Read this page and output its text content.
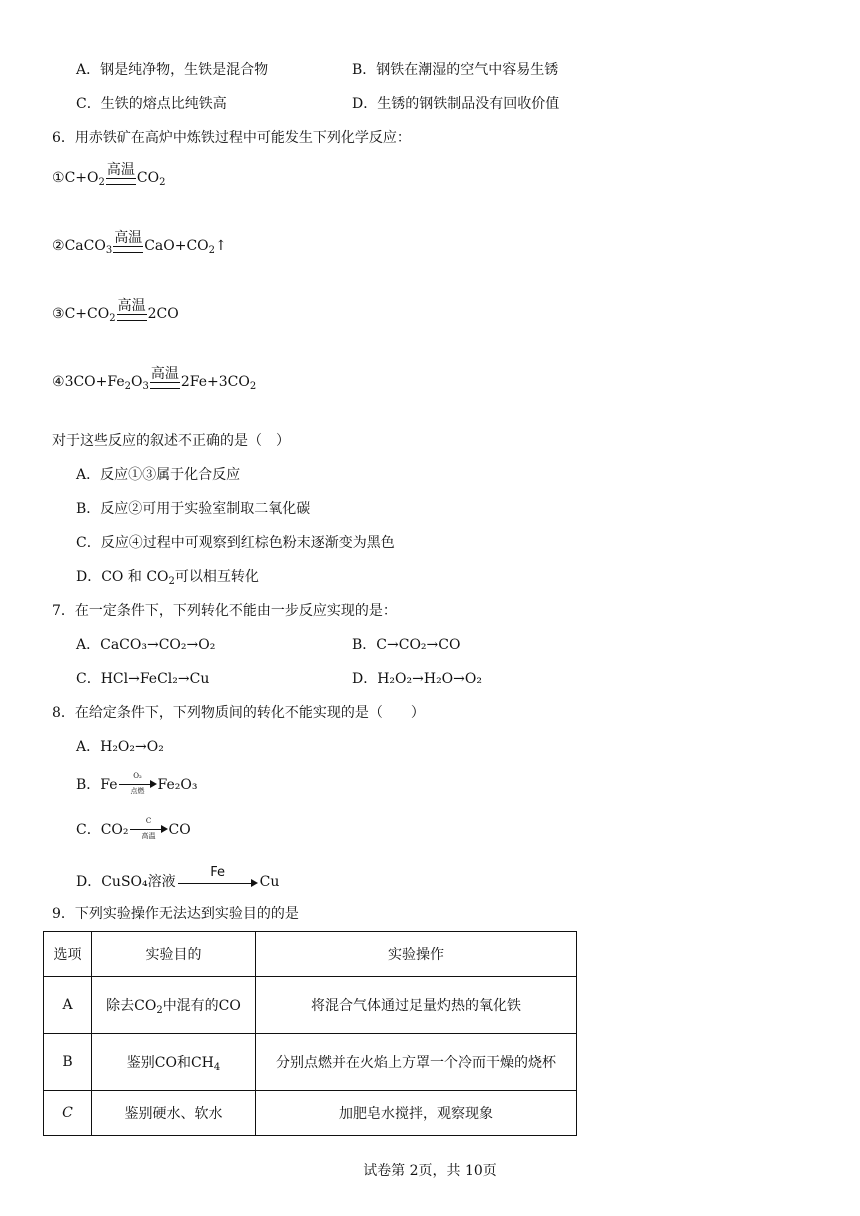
A．钢是纯净物，生铁是混合物	B．钢铁在潮湿的空气中容易生锈
C．生铁的熔点比纯铁高	D．生锈的钢铁制品没有回收价值
6．用赤铁矿在高炉中炼铁过程中可能发生下列化学反应：
$①C+O_2$
高温 $CO_2$
②CaCO$_3$
高温 $CaO+CO_2↑$
$③C+CO_2$
高温 2CO
$④3CO+Fe_2O_3$
高温 $2Fe+3CO_2$
对于这些反应的叙述不正确的是（　）
A．反应①③属于化合反应
B．反应②可用于实验室制取二氧化碳
C．反应④过程中可观察到红棕色粉末逐渐变为黑色
D．CO 和 $CO_2$可以相互转化
7．在一定条件下，下列转化不能由一步反应实现的是：
A．CaCO₃→CO₂→O₂	B．C→CO₂→CO
C．HCl→FeCl₂→Cu	D．H₂O₂→H₂O→O₂
8．在给定条件下，下列物质间的转化不能实现的是（　　）
A．H₂O₂→O₂
B．Fe
O₂
点燃 Fe₂O₃
C．CO₂
C
高温 CO
D．CuSO₄溶液
Fe
Cu
9．下列实验操作无法达到实验目的的是
选项	实验目的	实验操作
A	除去$CO_2$中混有的CO	将混合气体通过足量灼热的氧化铁
B	鉴别CO和$CH_4$	分别点燃并在火焰上方罩一个冷而干燥的烧杯
C	鉴别硬水、软水	加肥皂水搅拌，观察现象
试卷第 2页，共 10页
